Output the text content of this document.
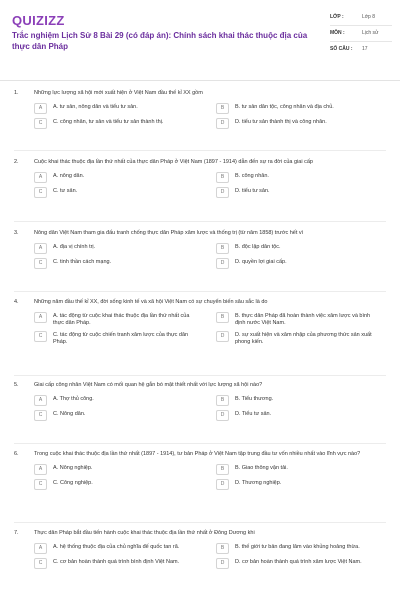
QUIZIZZ
Trắc nghiệm Lịch Sử 8 Bài 29 (có đáp án): Chính sách khai thác thuộc địa của thực dân Pháp
LỚP :	Lớp 8
MÔN :	Lịch sử
SỐ CÂU :	17
1.	Những lực lượng xã hội mới xuất hiện ở Việt Nam đầu thế kỉ XX gồm
A	A. tư sản, nông dân và tiểu tư sản.	B	B. tư sản dân tộc, công nhân và địa chủ.
C	C. công nhân, tư sản và tiểu tư sản thành thị.	D	D. tiểu tư sản thành thị và công nhân.
2.	Cuộc khai thác thuộc địa lần thứ nhất của thực dân Pháp ở Việt Nam (1897 - 1914) dẫn đến sự ra đời của giai cấp
A	A. nông dân.	B	B. công nhân.
C	C. tư sản.	D	D. tiểu tư sản.
3.	Nông dân Việt Nam tham gia đấu tranh chống thực dân Pháp xâm lược và thống trị (từ năm 1858) trước hết vì
A	A. địa vị chính trị.	B	B. độc lập dân tộc.
C	C. tinh thần cách mạng.	D	D. quyền lợi giai cấp.
4.	Những năm đầu thế kỉ XX, đời sống kinh tế và xã hội Việt Nam có sự chuyển biến sâu sắc là do
A	A. tác động từ cuộc khai thác thuộc địa lần thứ nhất của thực dân Pháp.
B	B. thực dân Pháp đã hoàn thành việc xâm lược và bình định nước Việt Nam.
C	C. tác động từ cuộc chiến tranh xâm lược của thực dân Pháp.
D	D. sự xuất hiện và xâm nhập của phương thức sản xuất phong kiến.
5.	Giai cấp công nhân Việt Nam có mối quan hệ gắn bó mật thiết nhất với lực lượng xã hội nào?
A	A. Thợ thủ công.	B	B. Tiểu thương.
C	C. Nông dân.	D	D. Tiểu tư sản.
6.	Trong cuộc khai thác thuộc địa lần thứ nhất (1897 - 1914), tư bản Pháp ở Việt Nam tập trung đầu tư vốn nhiều nhất vào lĩnh vực nào?
A	A. Nông nghiệp.	B	B. Giao thông vận tải.
C	C. Công nghiệp.	D	D. Thương nghiệp.
7.	Thực dân Pháp bắt đầu tiến hành cuộc khai thác thuộc địa lần thứ nhất ở Đông Dương khi
A	A. hệ thống thuộc địa của chủ nghĩa đế quốc tan rã.	B	B. thế giới tư bản đang lâm vào khủng hoảng thừa.
C	C. cơ bản hoàn thành quá trình bình định Việt Nam.	D	D. cơ bản hoàn thành quá trình xâm lược Việt Nam.
